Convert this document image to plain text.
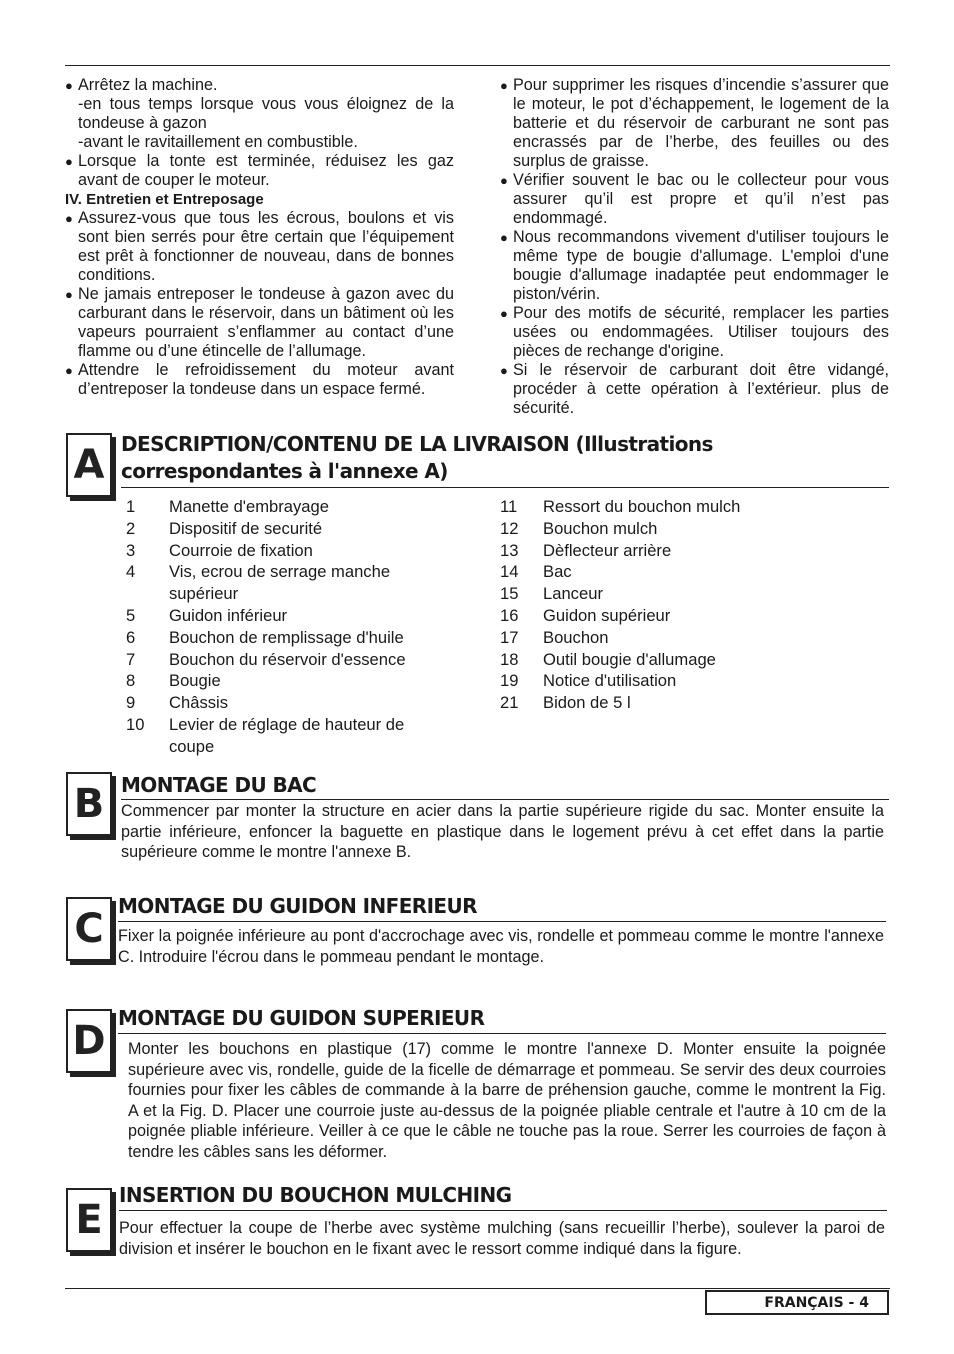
● Arrêtez la machine.

-en tous temps lorsque vous vous éloignez de la tondeuse à gazon

-avant le ravitaillement en combustible.

● Lorsque la tonte est terminée, réduisez les gaz avant de couper le moteur.

IV. Entretien et Entreposage

● Assurez-vous que tous les écrous, boulons et vis sont bien serrés pour être certain que l’équipement est prêt à fonctionner de nouveau, dans de bonnes conditions.

● Ne jamais entreposer le tondeuse à gazon avec du carburant dans le réservoir, dans un bâtiment où les vapeurs pourraient s’enflammer au contact d’une flamme ou d’une étincelle de l’allumage.

● Attendre le refroidissement du moteur avant d’entreposer la tondeuse dans un espace fermé.

● Pour supprimer les risques d’incendie s’assurer que le moteur, le pot d’échappement, le logement de la batterie et du réservoir de carburant ne sont pas encrassés par de l’herbe, des feuilles ou des surplus de graisse.

● Vérifier souvent le bac ou le collecteur pour vous assurer qu’il est propre et qu’il n’est pas endommagé.

● Nous recommandons vivement d'utiliser toujours le même type de bougie d'allumage. L'emploi d'une bougie d'allumage inadaptée peut endommager le piston/vérin.

● Pour des motifs de sécurité, remplacer les parties usées ou endommagées. Utiliser toujours des pièces de rechange d'origine.

● Si le réservoir de carburant doit être vidangé, procéder à cette opération à l’extérieur. plus de sécurité.

A DESCRIPTION/CONTENU DE LA LIVRAISON (Illustrations correspondantes à l'annexe A)
1	Manette d'embrayage
2	Dispositif de securité
3	Courroie de fixation
4	Vis, ecrou de serrage manche supérieur
5	Guidon inférieur
6	Bouchon de remplissage d'huile
7	Bouchon du réservoir d'essence
8	Bougie
9	Châssis
10	Levier de réglage de hauteur de coupe
11	Ressort du bouchon mulch
12	Bouchon mulch
13	Dèflecteur arrière
14	Bac
15	Lanceur
16	Guidon supérieur
17	Bouchon
18	Outil bougie d'allumage
19	Notice d'utilisation
21	Bidon de 5 l
B MONTAGE DU BAC
Commencer par monter la structure en acier dans la partie supérieure rigide du sac. Monter ensuite la partie inférieure, enfoncer la baguette en plastique dans le logement prévu à cet effet dans la partie supérieure comme le montre l'annexe B.
C MONTAGE DU GUIDON INFERIEUR
Fixer la poignée inférieure au pont d'accrochage avec vis, rondelle et pommeau comme le montre l'annexe C. Introduire l'écrou dans le pommeau pendant le montage.
D MONTAGE DU GUIDON SUPERIEUR
Monter les bouchons en plastique (17) comme le montre l'annexe D. Monter ensuite la poignée supérieure avec vis, rondelle, guide de la ficelle de démarrage et pommeau. Se servir des deux courroies fournies pour fixer les câbles de commande à la barre de préhension gauche, comme le montrent la Fig. A et la Fig. D. Placer une courroie juste au-dessus de la poignée pliable centrale et l'autre à 10 cm de la poignée pliable inférieure. Veiller à ce que le câble ne touche pas la roue. Serrer les courroies de façon à tendre les câbles sans les déformer.
E
INSERTION DU BOUCHON MULCHING
Pour effectuer la coupe de l’herbe avec système mulching (sans recueillir l’herbe), soulever la paroi de division et insérer le bouchon en le fixant avec le ressort comme indiqué dans la figure.
FRANÇAIS - 4
